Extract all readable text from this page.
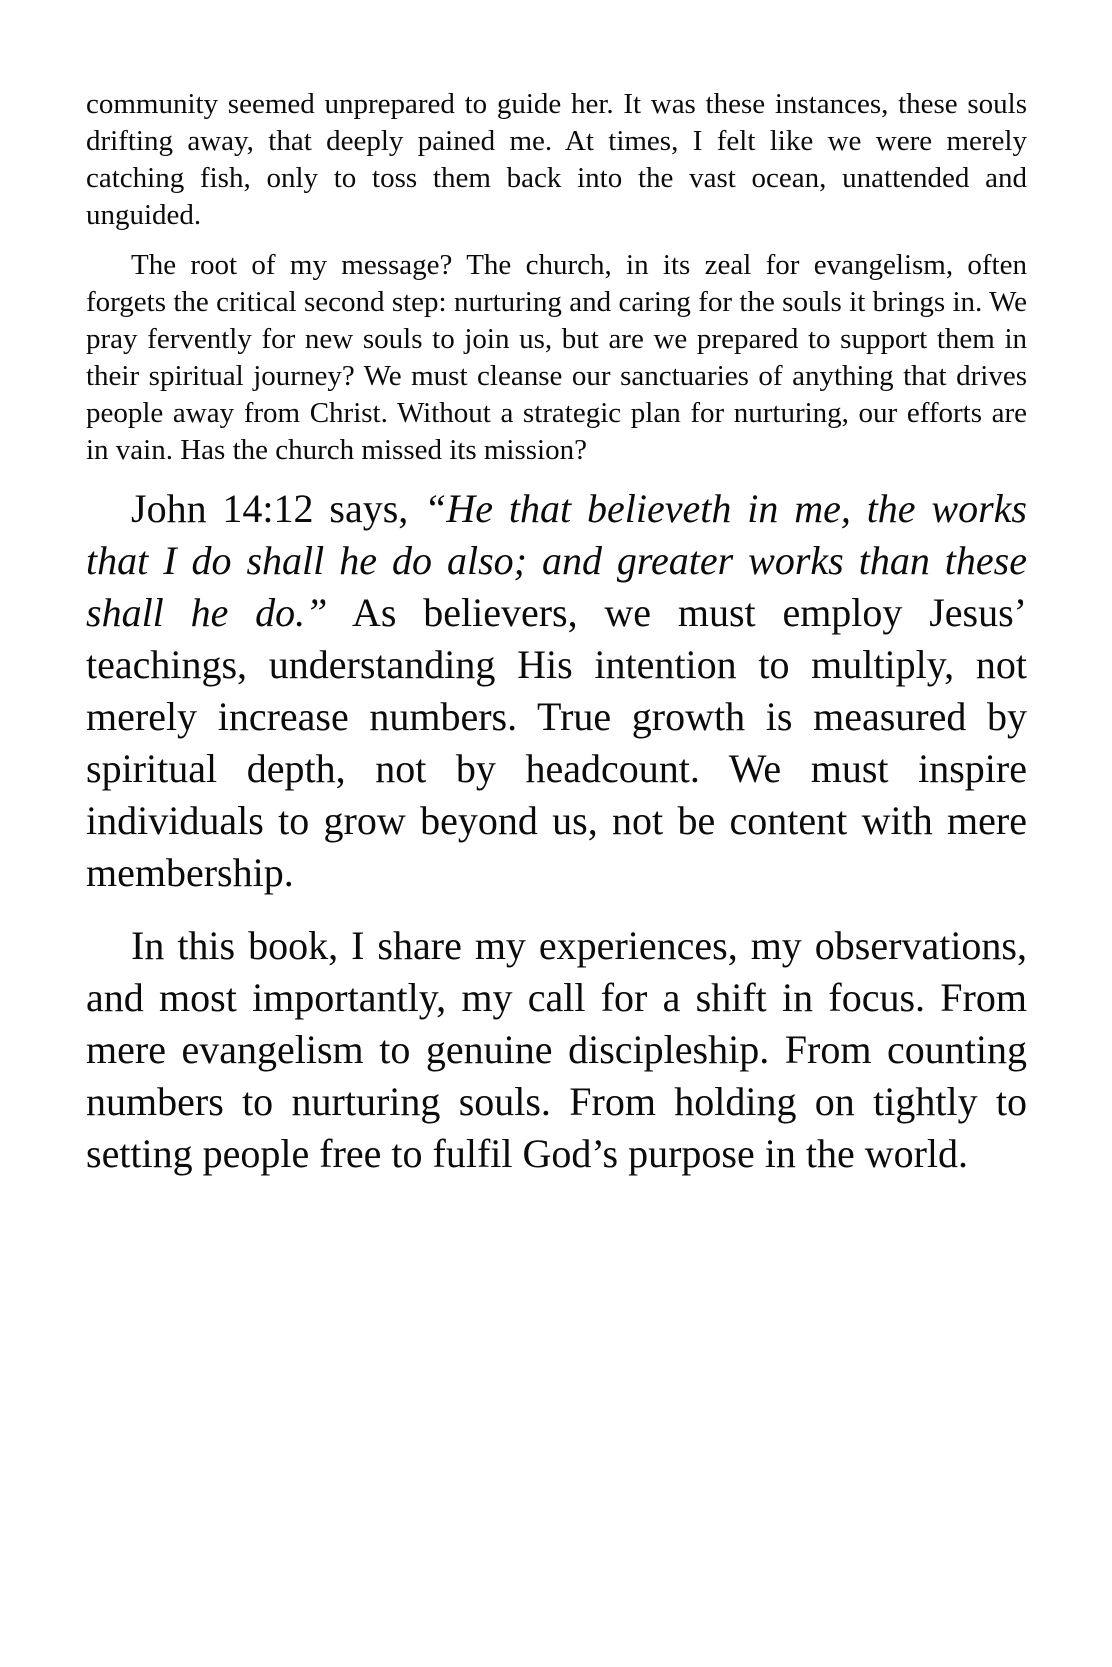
community seemed unprepared to guide her. It was these instances, these souls drifting away, that deeply pained me. At times, I felt like we were merely catching fish, only to toss them back into the vast ocean, unattended and unguided.

The root of my message? The church, in its zeal for evangelism, often forgets the critical second step: nurturing and caring for the souls it brings in. We pray fervently for new souls to join us, but are we prepared to support them in their spiritual journey? We must cleanse our sanctuaries of anything that drives people away from Christ. Without a strategic plan for nurturing, our efforts are in vain. Has the church missed its mission?

John 14:12 says, “He that believeth in me, the works that I do shall he do also; and greater works than these shall he do.” As believers, we must employ Jesus’ teachings, understanding His intention to multiply, not merely increase numbers. True growth is measured by spiritual depth, not by headcount. We must inspire individuals to grow beyond us, not be content with mere membership.

In this book, I share my experiences, my observations, and most importantly, my call for a shift in focus. From mere evangelism to genuine discipleship. From counting numbers to nurturing souls. From holding on tightly to setting people free to fulfil God’s purpose in the world.
